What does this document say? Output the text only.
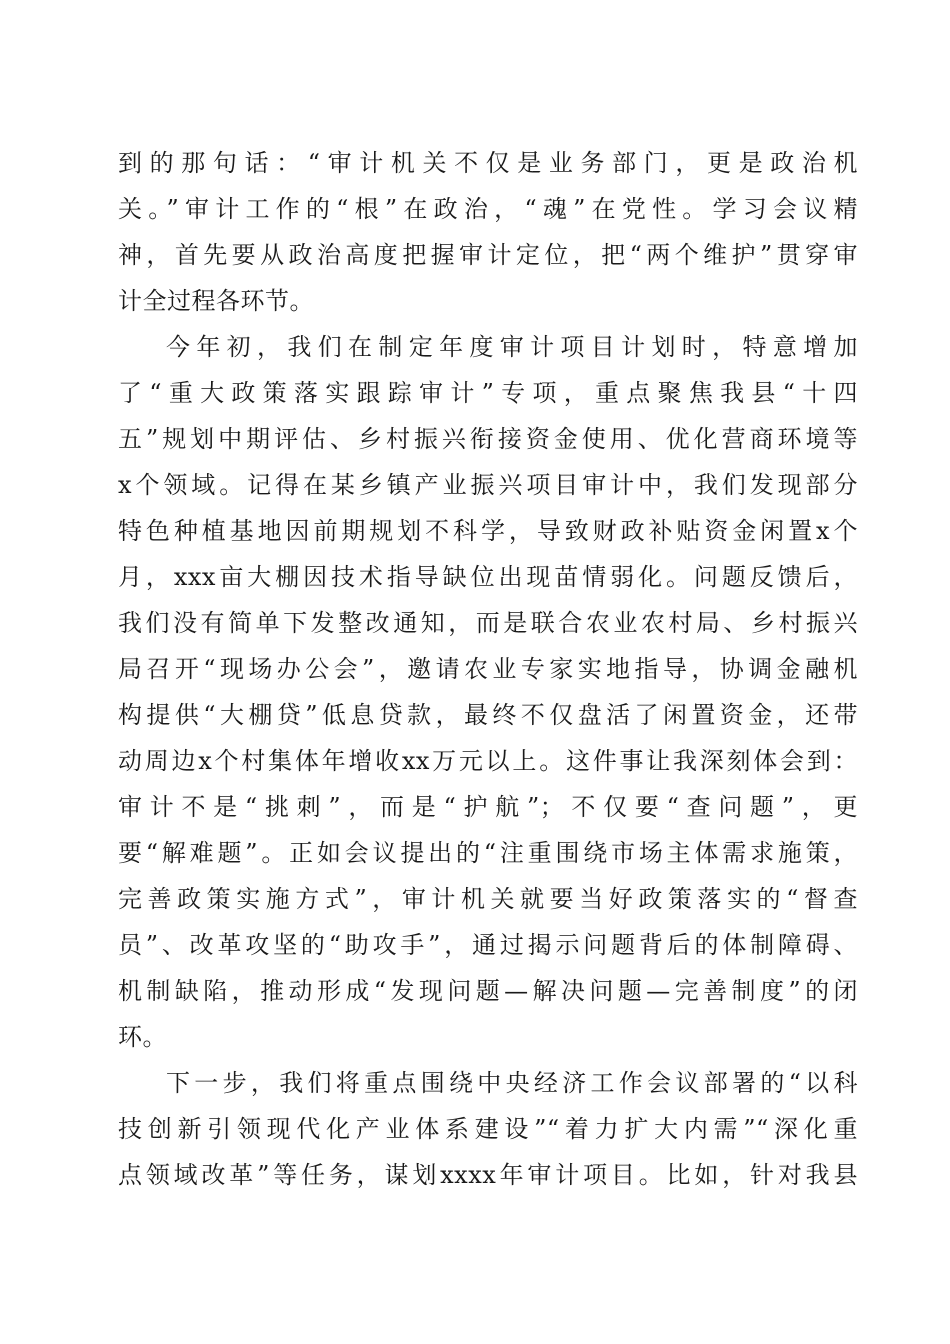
到的那句话：“审计机关不仅是业务部门，更是政治机
关。”审计工作的“根”在政治，“魂”在党性。学习会议精
神，首先要从政治高度把握审计定位，把“两个维护”贯穿审
计全过程各环节。
今年初，我们在制定年度审计项目计划时，特意增加
了“重大政策落实跟踪审计”专项，重点聚焦我县“十四
五”规划中期评估、乡村振兴衔接资金使用、优化营商环境等
x个领域。记得在某乡镇产业振兴项目审计中，我们发现部分
特色种植基地因前期规划不科学，导致财政补贴资金闲置x个
月，xxx亩大棚因技术指导缺位出现苗情弱化。问题反馈后，
我们没有简单下发整改通知，而是联合农业农村局、乡村振兴
局召开“现场办公会”，邀请农业专家实地指导，协调金融机
构提供“大棚贷”低息贷款，最终不仅盘活了闲置资金，还带
动周边x个村集体年增收xx万元以上。这件事让我深刻体会到：
审计不是“挑刺”，而是“护航”；不仅要“查问题”，更
要“解难题”。正如会议提出的“注重围绕市场主体需求施策，
完善政策实施方式”，审计机关就要当好政策落实的“督查
员”、改革攻坚的“助攻手”，通过揭示问题背后的体制障碍、
机制缺陷，推动形成“发现问题—解决问题—完善制度”的闭
环。
下一步，我们将重点围绕中央经济工作会议部署的“以科
技创新引领现代化产业体系建设”“着力扩大内需”“深化重
点领域改革”等任务，谋划xxxx年审计项目。比如，针对我县
